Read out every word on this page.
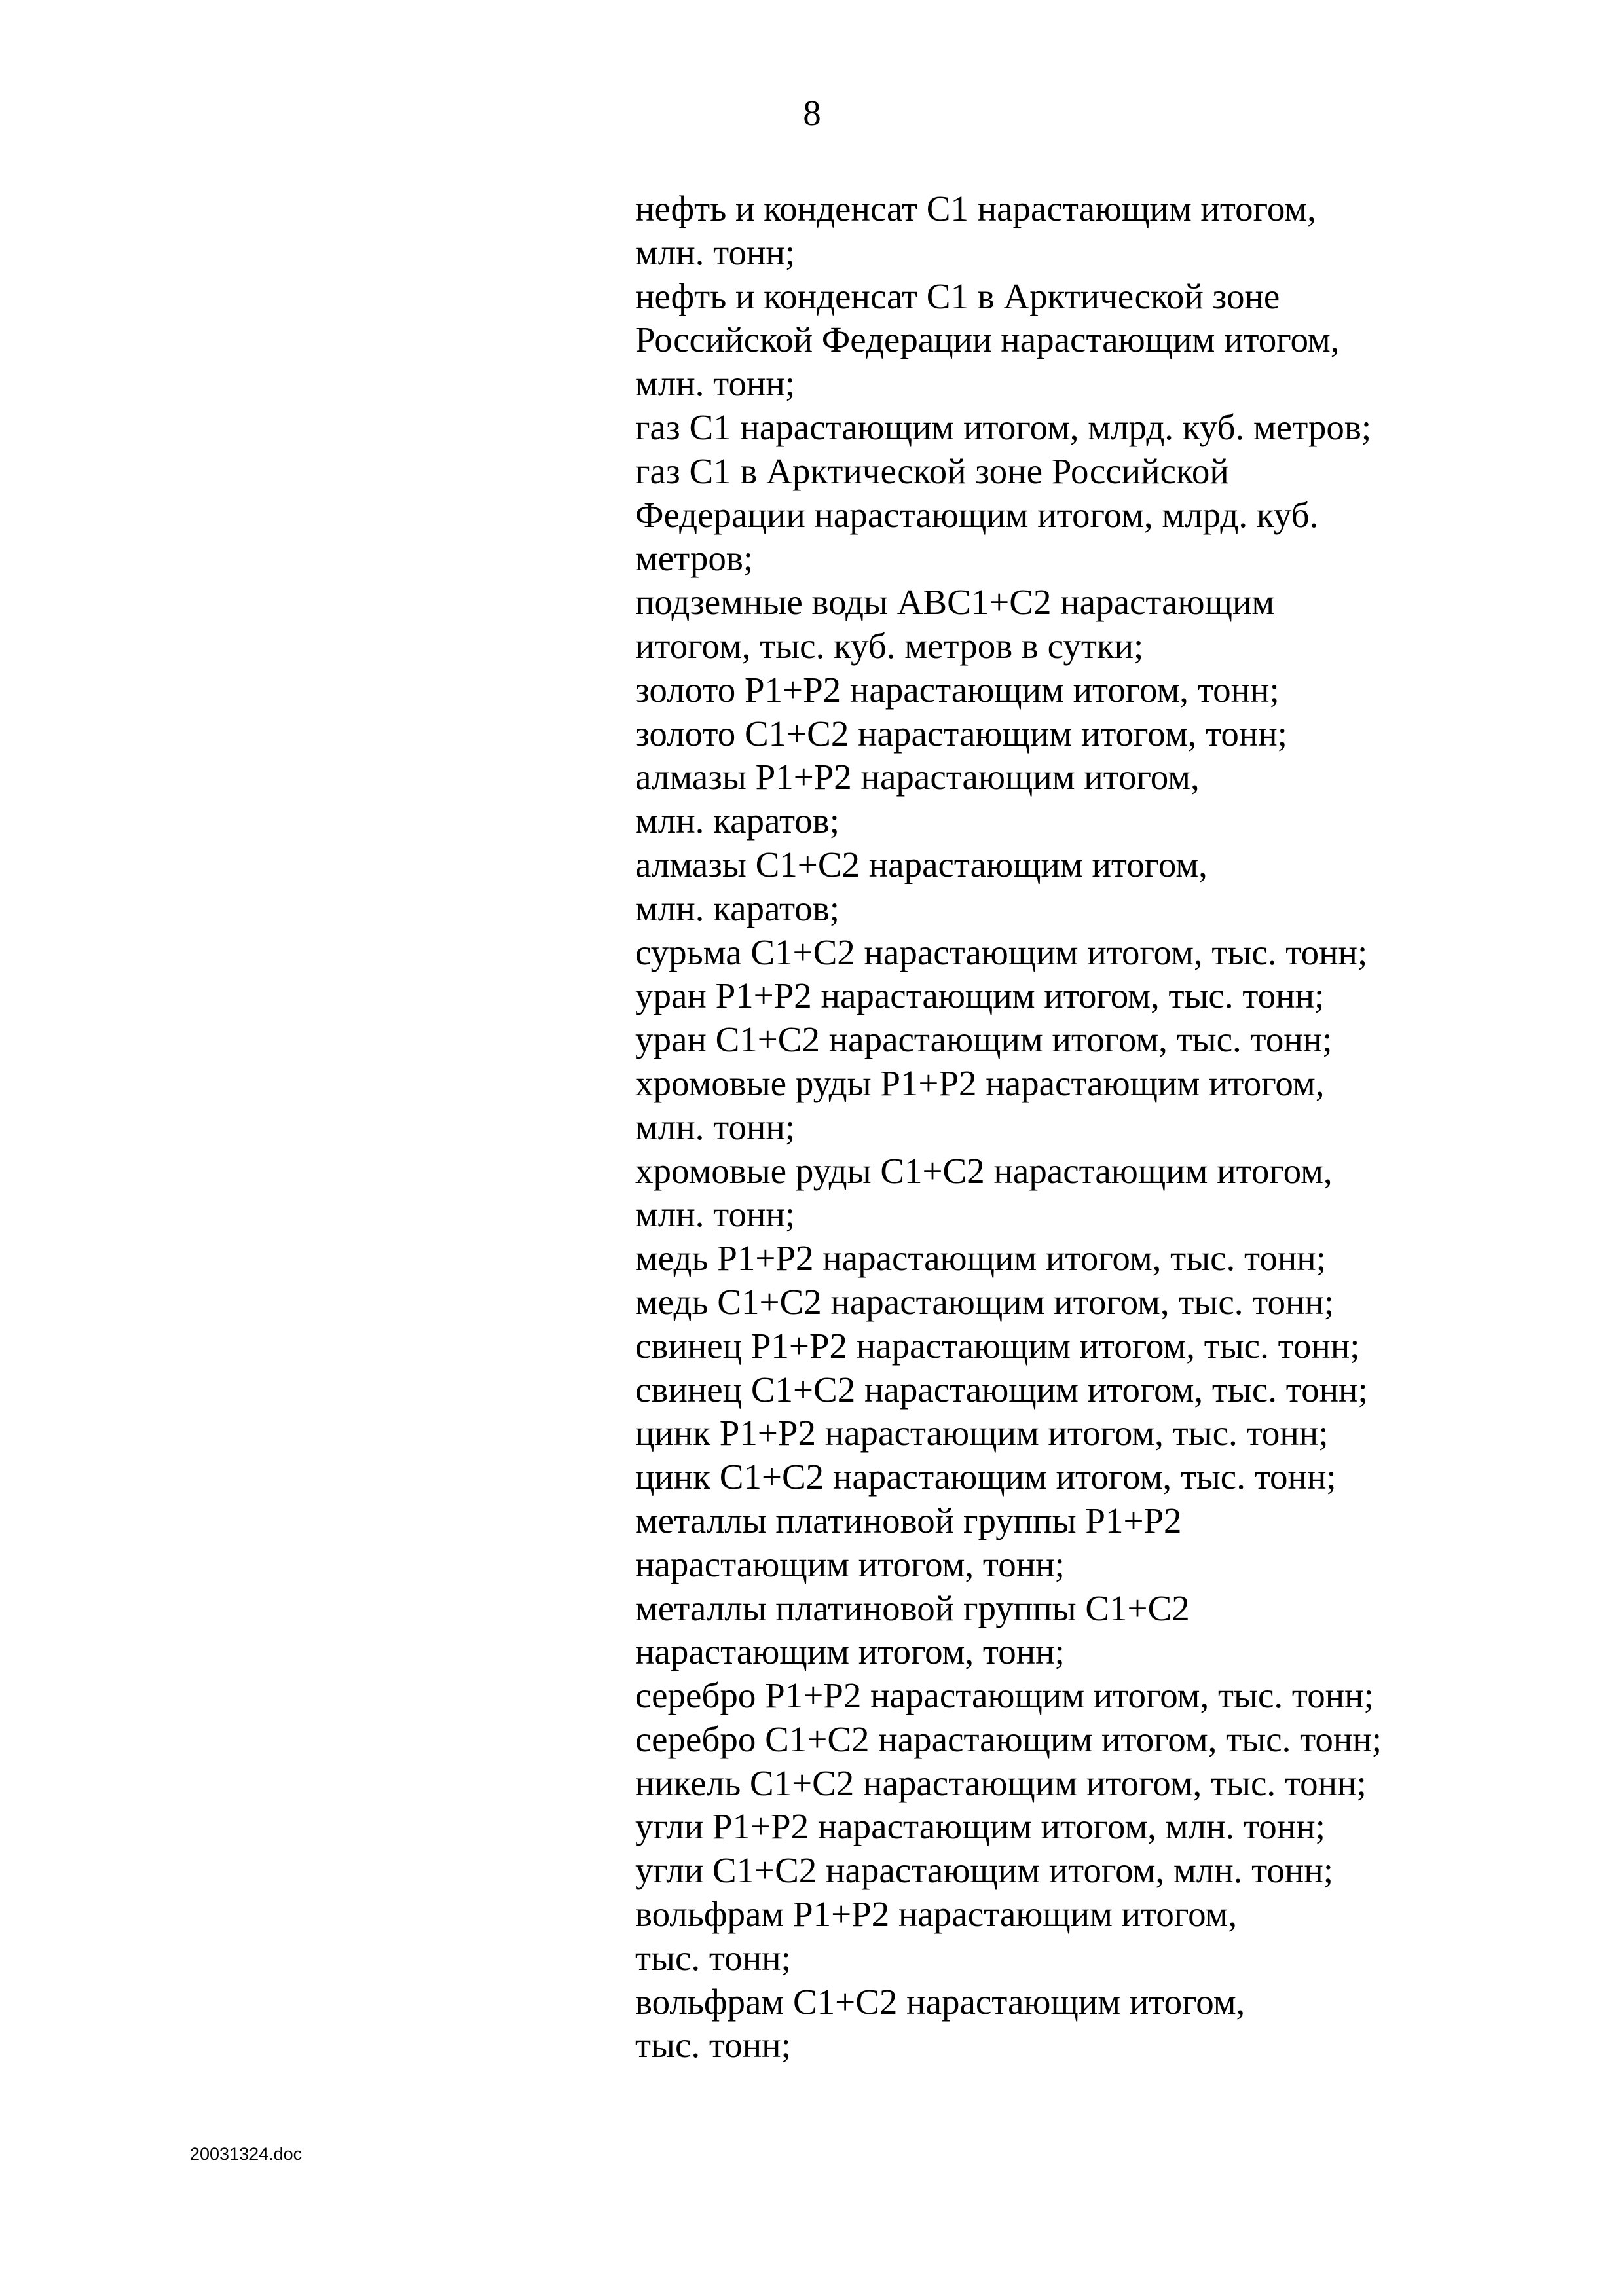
8
нефть и конденсат С1 нарастающим итогом,
млн. тонн;
нефть и конденсат С1 в Арктической зоне
Российской Федерации нарастающим итогом,
млн. тонн;
газ С1 нарастающим итогом, млрд. куб. метров;
газ С1 в Арктической зоне Российской
Федерации нарастающим итогом, млрд. куб.
метров;
подземные воды АВС1+С2 нарастающим
итогом, тыс. куб. метров в сутки;
золото Р1+Р2 нарастающим итогом, тонн;
золото С1+С2 нарастающим итогом, тонн;
алмазы Р1+Р2 нарастающим итогом,
млн. каратов;
алмазы С1+С2 нарастающим итогом,
млн. каратов;
сурьма С1+С2 нарастающим итогом, тыс. тонн;
уран Р1+Р2 нарастающим итогом, тыс. тонн;
уран С1+С2 нарастающим итогом, тыс. тонн;
хромовые руды Р1+Р2 нарастающим итогом,
млн. тонн;
хромовые руды С1+С2 нарастающим итогом,
млн. тонн;
медь Р1+Р2 нарастающим итогом, тыс. тонн;
медь С1+С2 нарастающим итогом, тыс. тонн;
свинец Р1+Р2 нарастающим итогом, тыс. тонн;
свинец С1+С2 нарастающим итогом, тыс. тонн;
цинк Р1+Р2 нарастающим итогом, тыс. тонн;
цинк С1+С2 нарастающим итогом, тыс. тонн;
металлы платиновой группы Р1+Р2
нарастающим итогом, тонн;
металлы платиновой группы С1+С2
нарастающим итогом, тонн;
серебро Р1+Р2 нарастающим итогом, тыс. тонн;
серебро С1+С2 нарастающим итогом, тыс. тонн;
никель С1+С2 нарастающим итогом, тыс. тонн;
угли Р1+Р2 нарастающим итогом, млн. тонн;
угли С1+С2 нарастающим итогом, млн. тонн;
вольфрам Р1+Р2 нарастающим итогом,
тыс. тонн;
вольфрам С1+С2 нарастающим итогом,
тыс. тонн;
20031324.doc
